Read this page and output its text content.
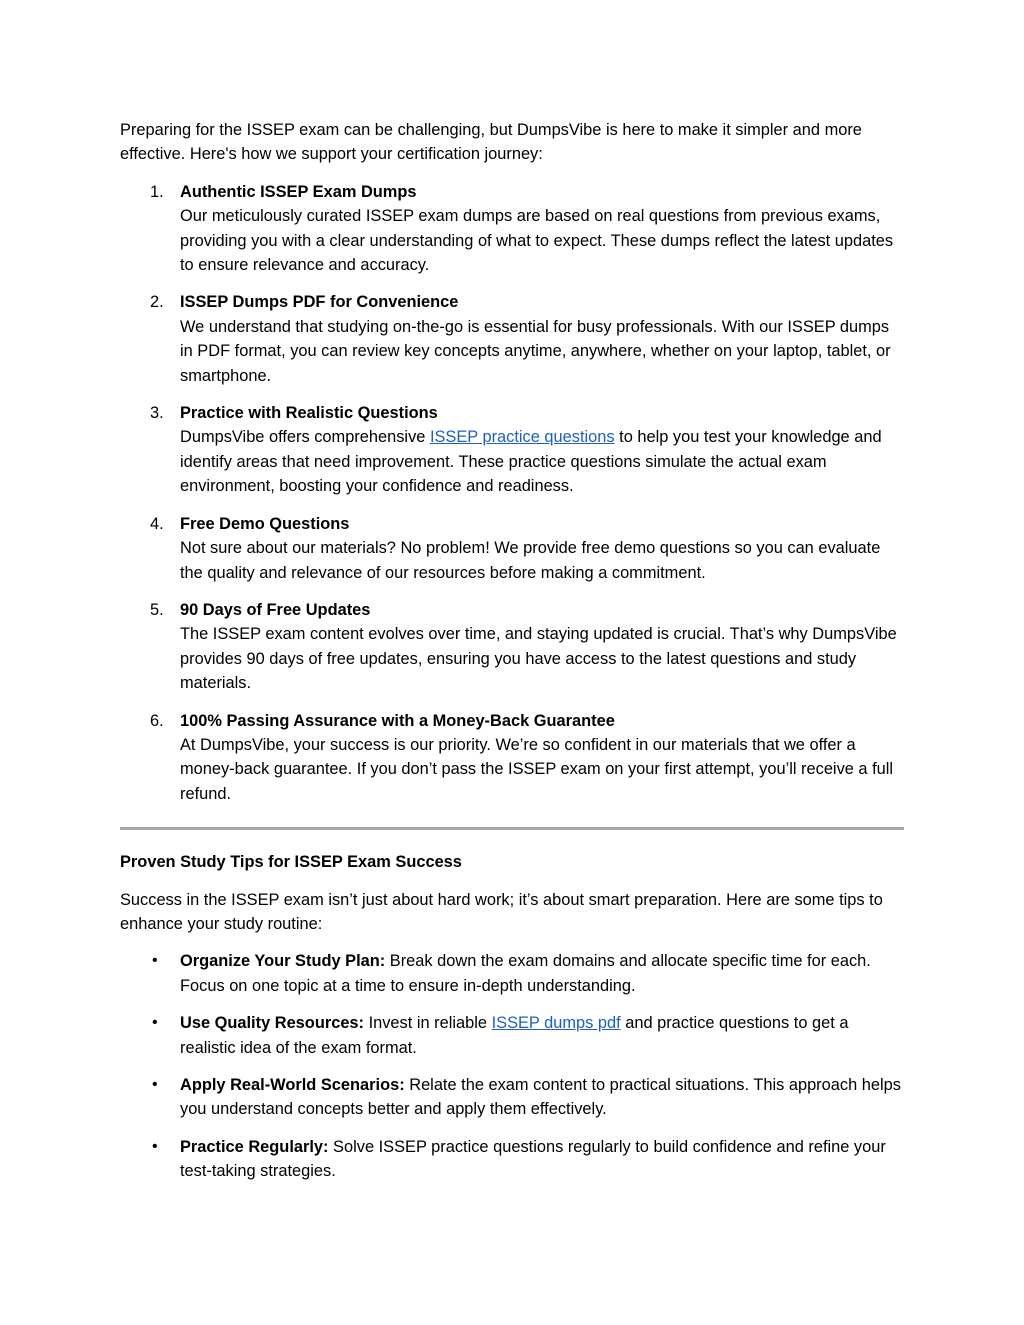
Preparing for the ISSEP exam can be challenging, but DumpsVibe is here to make it simpler and more effective. Here's how we support your certification journey:

1. Authentic ISSEP Exam Dumps
Our meticulously curated ISSEP exam dumps are based on real questions from previous exams, providing you with a clear understanding of what to expect. These dumps reflect the latest updates to ensure relevance and accuracy.
2. ISSEP Dumps PDF for Convenience
We understand that studying on-the-go is essential for busy professionals. With our ISSEP dumps in PDF format, you can review key concepts anytime, anywhere, whether on your laptop, tablet, or smartphone.
3. Practice with Realistic Questions
DumpsVibe offers comprehensive ISSEP practice questions to help you test your knowledge and identify areas that need improvement. These practice questions simulate the actual exam environment, boosting your confidence and readiness.
4. Free Demo Questions
Not sure about our materials? No problem! We provide free demo questions so you can evaluate the quality and relevance of our resources before making a commitment.
5. 90 Days of Free Updates
The ISSEP exam content evolves over time, and staying updated is crucial. That’s why DumpsVibe provides 90 days of free updates, ensuring you have access to the latest questions and study materials.
6. 100% Passing Assurance with a Money-Back Guarantee
At DumpsVibe, your success is our priority. We’re so confident in our materials that we offer a money-back guarantee. If you don’t pass the ISSEP exam on your first attempt, you’ll receive a full refund.

Proven Study Tips for ISSEP Exam Success

Success in the ISSEP exam isn’t just about hard work; it’s about smart preparation. Here are some tips to enhance your study routine:

• Organize Your Study Plan: Break down the exam domains and allocate specific time for each. Focus on one topic at a time to ensure in-depth understanding.
• Use Quality Resources: Invest in reliable ISSEP dumps pdf and practice questions to get a realistic idea of the exam format.
• Apply Real-World Scenarios: Relate the exam content to practical situations. This approach helps you understand concepts better and apply them effectively.
• Practice Regularly: Solve ISSEP practice questions regularly to build confidence and refine your test-taking strategies.
